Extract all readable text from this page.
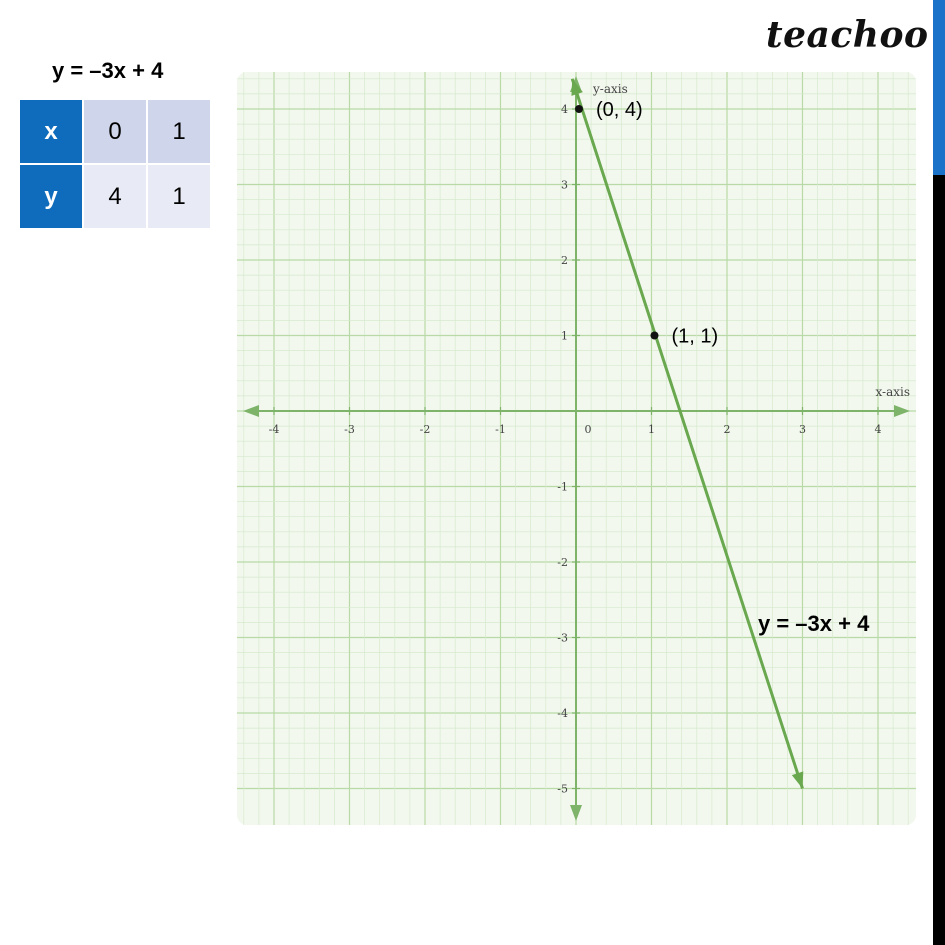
teachoo
y = –3x + 4
x	0	1
y	4	1
-4	-3	-2	-1	0	1	2	3	4
4
3
2
1
-1
-2
-3
-4
-5
(0, 4)
(1, 1)
x-axis
y-axis
y = –3x + 4
